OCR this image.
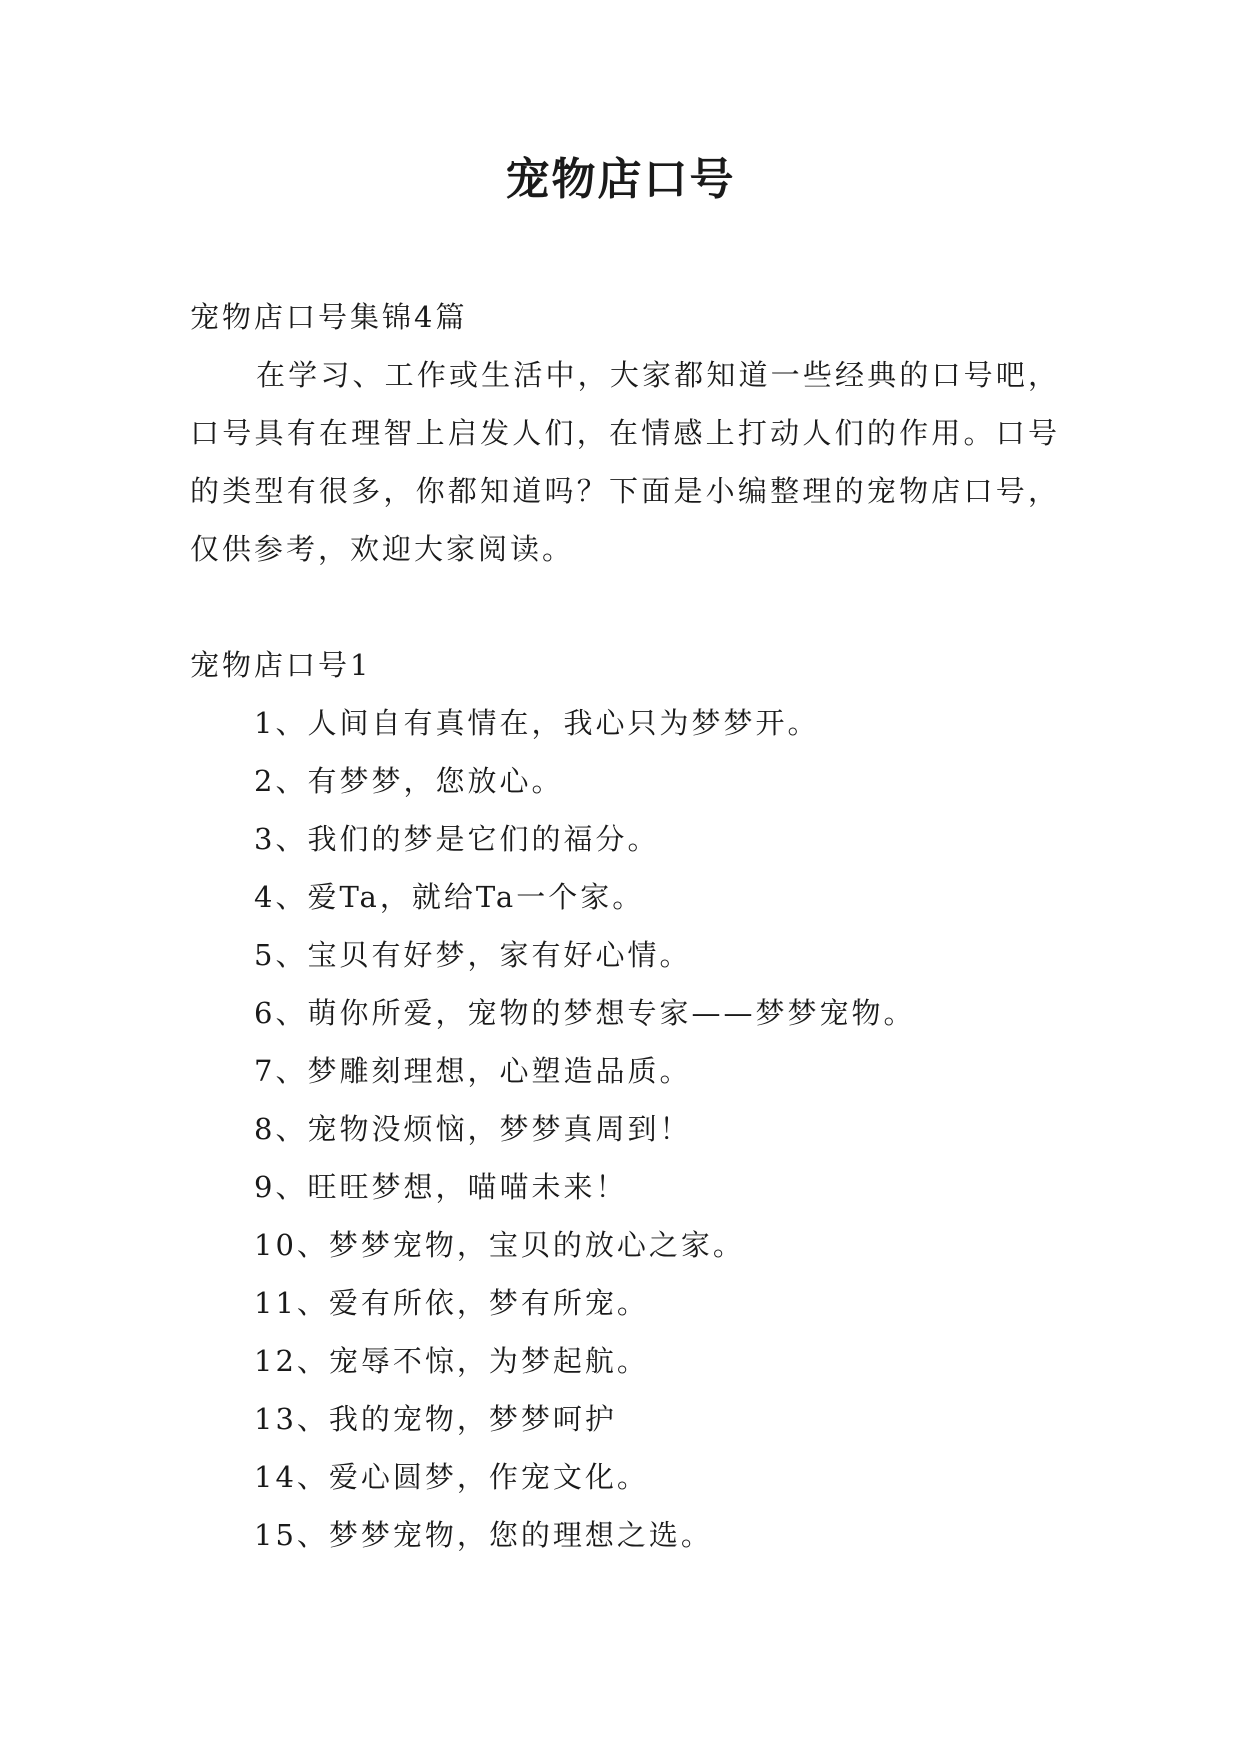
宠物店口号

宠物店口号集锦4篇

在学习、工作或生活中，大家都知道一些经典的口号吧，口号具有在理智上启发人们，在情感上打动人们的作用。口号的类型有很多，你都知道吗？下面是小编整理的宠物店口号，仅供参考，欢迎大家阅读。

宠物店口号1

1、人间自有真情在，我心只为梦梦开。
2、有梦梦，您放心。
3、我们的梦是它们的福分。
4、爱Ta，就给Ta一个家。
5、宝贝有好梦，家有好心情。
6、萌你所爱，宠物的梦想专家——梦梦宠物。
7、梦雕刻理想，心塑造品质。
8、宠物没烦恼，梦梦真周到！
9、旺旺梦想，喵喵未来！
10、梦梦宠物，宝贝的放心之家。
11、爱有所依，梦有所宠。
12、宠辱不惊，为梦起航。
13、我的宠物，梦梦呵护
14、爱心圆梦，作宠文化。
15、梦梦宠物，您的理想之选。
